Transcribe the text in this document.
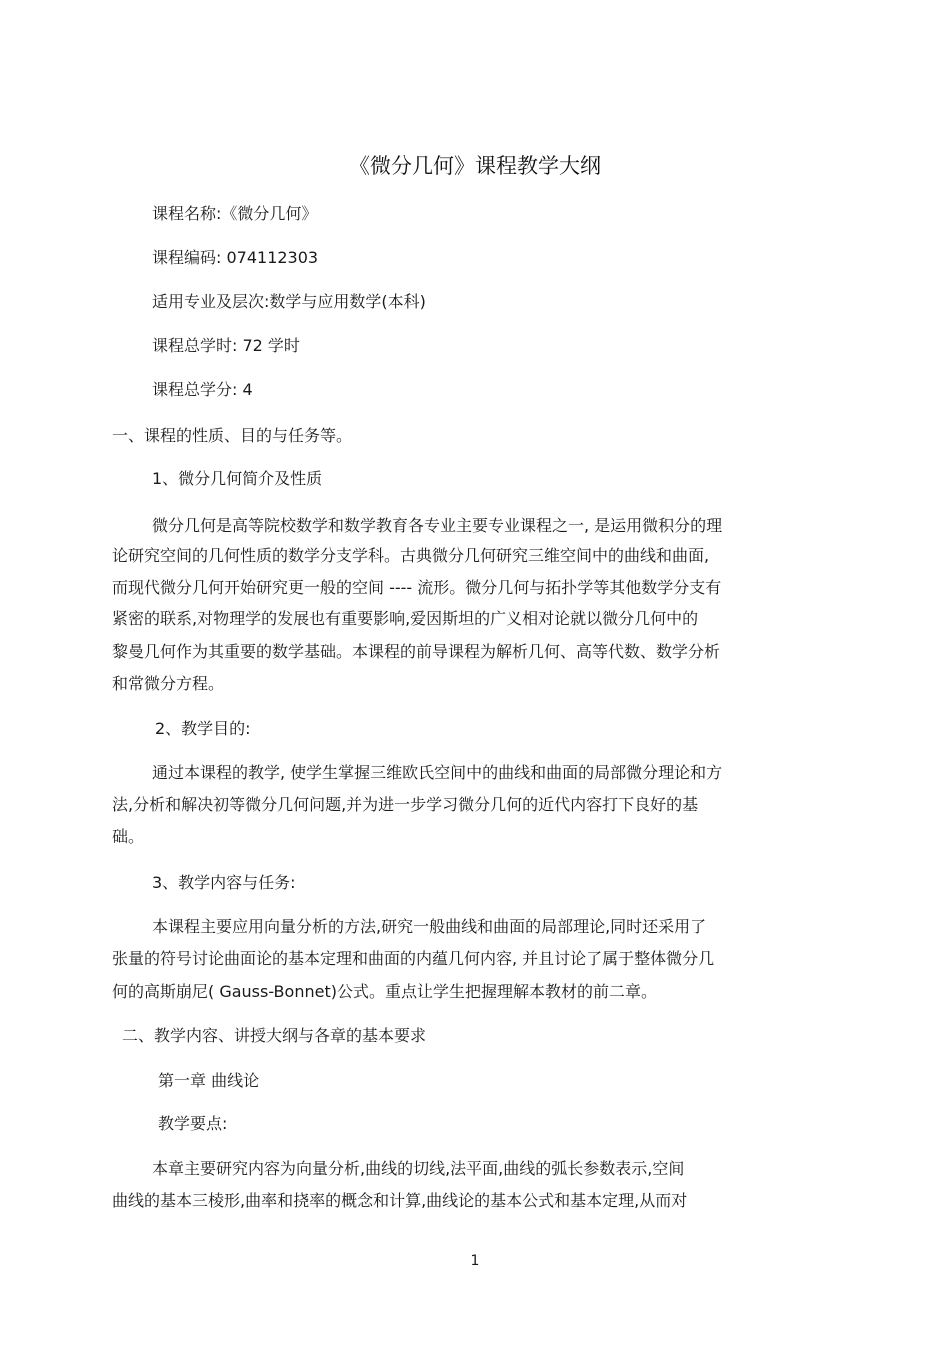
《微分几何》课程教学大纲
课程名称:《微分几何》
课程编码: 074112303
适用专业及层次:数学与应用数学(本科)
课程总学时: 72 学时
课程总学分: 4
一、课程的性质、目的与任务等。
1、微分几何简介及性质
微分几何是高等院校数学和数学教育各专业主要专业课程之一, 是运用微积分的理
论研究空间的几何性质的数学分支学科。古典微分几何研究三维空间中的曲线和曲面,
而现代微分几何开始研究更一般的空间 ---- 流形。微分几何与拓扑学等其他数学分支有
紧密的联系,对物理学的发展也有重要影响,爱因斯坦的广义相对论就以微分几何中的
黎曼几何作为其重要的数学基础。本课程的前导课程为解析几何、高等代数、数学分析
和常微分方程。
2、教学目的:
通过本课程的教学, 使学生掌握三维欧氏空间中的曲线和曲面的局部微分理论和方
法,分析和解决初等微分几何问题,并为进一步学习微分几何的近代内容打下良好的基
础。
3、教学内容与任务:
本课程主要应用向量分析的方法,研究一般曲线和曲面的局部理论,同时还采用了
张量的符号讨论曲面论的基本定理和曲面的内蕴几何内容, 并且讨论了属于整体微分几
何的高斯崩尼( Gauss-Bonnet)公式。重点让学生把握理解本教材的前二章。
二、教学内容、讲授大纲与各章的基本要求
第一章 曲线论
教学要点:
本章主要研究内容为向量分析,曲线的切线,法平面,曲线的弧长参数表示,空间
曲线的基本三棱形,曲率和挠率的概念和计算,曲线论的基本公式和基本定理,从而对
1
